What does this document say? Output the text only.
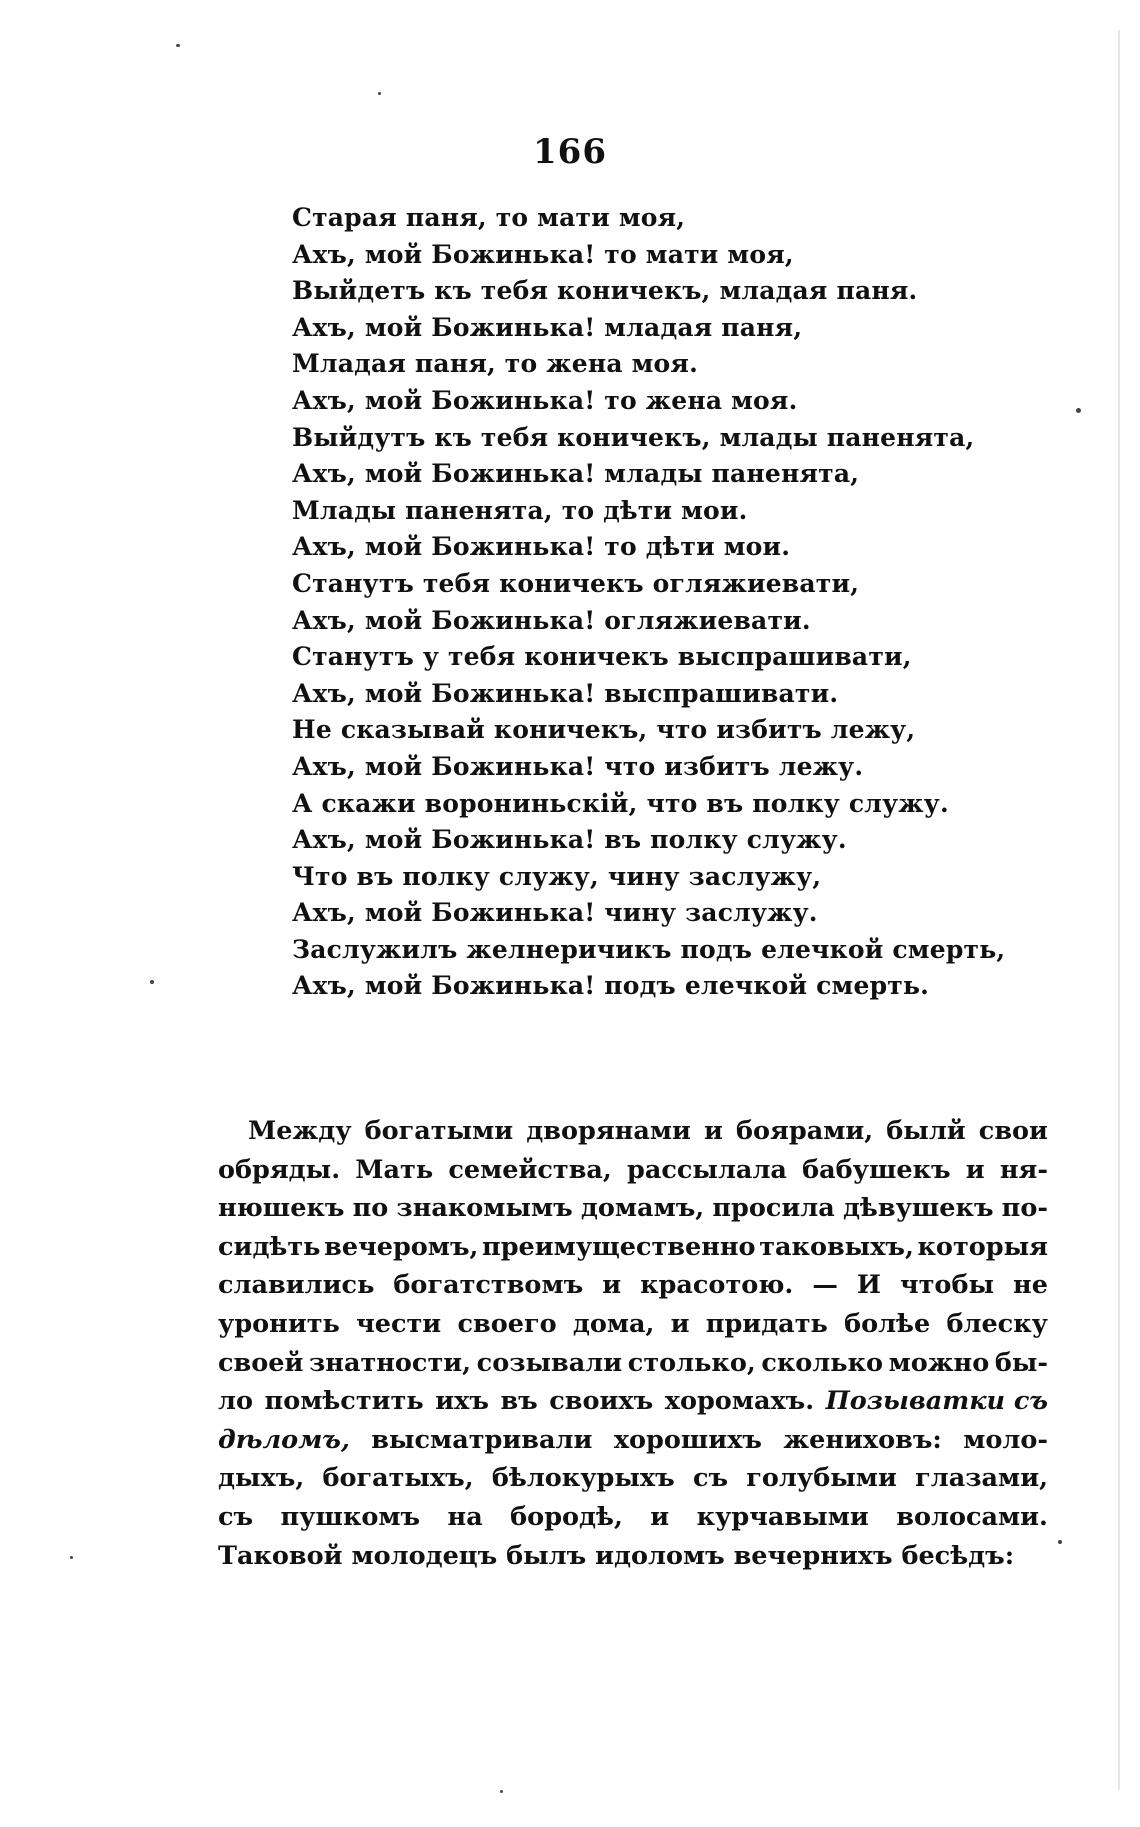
166
Старая паня, то мати моя,
Ахъ, мой Божинька! то мати моя,
Выйдетъ къ тебя коничекъ, младая паня.
Ахъ, мой Божинька! младая паня,
Младая паня, то жена моя.
Ахъ, мой Божинька! то жена моя.
Выйдутъ къ тебя коничекъ, млады паненята,
Ахъ, мой Божинька! млады паненята,
Млады паненята, то дѣти мои.
Ахъ, мой Божинька! то дѣти мои.
Станутъ тебя коничекъ огляжиевати,
Ахъ, мой Божинька! огляжиевати.
Станутъ у тебя коничекъ выспрашивати,
Ахъ, мой Божинька! выспрашивати.
Не сказывай коничекъ, что избитъ лежу,
Ахъ, мой Божинька! что избитъ лежу.
А скажи ворониньскій, что въ полку служу.
Ахъ, мой Божинька! въ полку служу.
Что въ полку служу, чину заслужу,
Ахъ, мой Божинька! чину заслужу.
Заслужилъ желнеричикъ подъ елечкой смерть,
Ахъ, мой Божинька! подъ елечкой смерть.
Между богатыми дворянами и боярами, былй свои
обряды. Мать семейства, рассылала бабушекъ и ня-
нюшекъ по знакомымъ домамъ, просила дѣвушекъ по-
сидѣть вечеромъ, преимущественно таковыхъ, которыя
славились богатствомъ и красотою. — И чтобы не
уронить чести своего дома, и придать болѣе блеску
своей знатности, созывали столько, сколько можно бы-
ло помѣстить ихъ въ своихъ хоромахъ. Позыватки съ
дѣломъ, высматривали хорошихъ жениховъ: моло-
дыхъ, богатыхъ, бѣлокурыхъ съ голубыми глазами,
съ пушкомъ на бородѣ, и курчавыми волосами.
Таковой молодецъ былъ идоломъ вечернихъ бесѣдъ:
